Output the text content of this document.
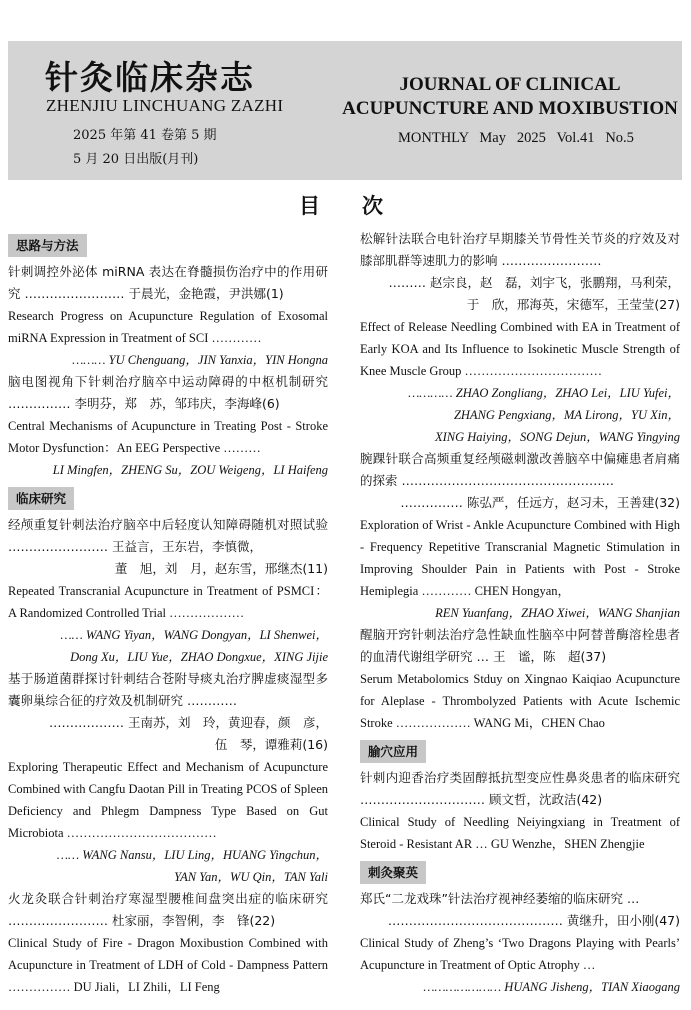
针灸临床杂志
ZHENJIU LINCHUANG ZAZHI
2025 年第 41 卷第 5 期
5 月 20 日出版(月刊)
JOURNAL OF CLINICAL
ACUPUNCTURE AND MOXIBUSTION
MONTHLY   May   2025   Vol.41   No.5
目次
思路与方法
针刺调控外泌体 miRNA 表达在脊髓损伤治疗中的作用研究 …………………… 于晨光，金艳霞，尹洪娜(1)
Research Progress on Acupuncture Regulation of Exosomal miRNA Expression in Treatment of SCI …………
……… YU Chenguang，JIN Yanxia，YIN Hongna
脑电图视角下针刺治疗脑卒中运动障碍的中枢机制研究 …………… 李明芬，郑　苏，邹玮庆，李海峰(6)
Central Mechanisms of Acupuncture in Treating Post - Stroke Motor Dysfunction：An EEG Perspective ………
LI Mingfen，ZHENG Su，ZOU Weigeng，LI Haifeng
临床研究
经颅重复针刺法治疗脑卒中后轻度认知障碍随机对照试验 …………………… 王益言，王东岩，李慎微，
董　旭，刘　月，赵东雪，邢继杰(11)
Repeated Transcranial Acupuncture in Treatment of PSMCI：A Randomized Controlled Trial ………………
…… WANG Yiyan，WANG Dongyan，LI Shenwei，
Dong Xu，LIU Yue，ZHAO Dongxue，XING Jijie
基于肠道菌群探讨针刺结合苍附导痰丸治疗脾虚痰湿型多囊卵巢综合征的疗效及机制研究 …………
……………… 王南苏，刘　玲，黄迎春，颜　彦，
伍　琴，谭雅莉(16)
Exploring Therapeutic Effect and Mechanism of Acupuncture Combined with Cangfu Daotan Pill in Treating PCOS of Spleen Deficiency and Phlegm Dampness Type Based on Gut Microbiota ………………………………
…… WANG Nansu，LIU Ling，HUANG Yingchun，
YAN Yan，WU Qin，TAN Yali
火龙灸联合针刺治疗寒湿型腰椎间盘突出症的临床研究 …………………… 杜家丽，李智俐，李　锋(22)
Clinical Study of Fire - Dragon Moxibustion Combined with Acupuncture in Treatment of LDH of Cold - Dampness Pattern …………… DU Jiali，LI Zhili，LI Feng
松解针法联合电针治疗早期膝关节骨性关节炎的疗效及对膝部肌群等速肌力的影响 ……………………
……… 赵宗良，赵　磊，刘宇飞，张鹏翔，马利荣，
于　欣，邢海英，宋德军，王莹莹(27)
Effect of Release Needling Combined with EA in Treatment of Early KOA and Its Influence to Isokinetic Muscle Strength of Knee Muscle Group ……………………………
………… ZHAO Zongliang，ZHAO Lei，LIU Yufei，
ZHANG Pengxiang，MA Lirong，YU Xin，
XING Haiying，SONG Dejun，WANG Yingying
腕踝针联合高频重复经颅磁刺激改善脑卒中偏瘫患者肩痛的探索 ……………………………………………
…………… 陈弘严，任远方，赵习未，王善建(32)
Exploration of Wrist - Ankle Acupuncture Combined with High - Frequency Repetitive Transcranial Magnetic Stimulation in Improving Shoulder Pain in Patients with Post - Stroke Hemiplegia ………… CHEN Hongyan，
REN Yuanfang，ZHAO Xiwei，WANG Shanjian
醒脑开窍针刺法治疗急性缺血性脑卒中阿替普酶溶栓患者的血清代谢组学研究 … 王　谧，陈　超(37)
Serum Metabolomics Stduy on Xingnao Kaiqiao Acupuncture for Aleplase - Thrombolyzed Patients with Acute Ischemic Stroke ……………… WANG Mi，CHEN Chao
腧穴应用
针刺内迎香治疗类固醇抵抗型变应性鼻炎患者的临床研究 ………………………… 顾文哲，沈政洁(42)
Clinical Study of Needling Neiyingxiang in Treatment of Steroid - Resistant AR … GU Wenzhe，SHEN Zhengjie
刺灸聚英
郑氏“二龙戏珠”针法治疗视神经萎缩的临床研究 …
…………………………………… 黄继升，田小刚(47)
Clinical Study of Zheng’s ‘Two Dragons Playing with Pearls’ Acupuncture in Treatment of Optic Atrophy …
………………… HUANG Jisheng，TIAN Xiaogang
